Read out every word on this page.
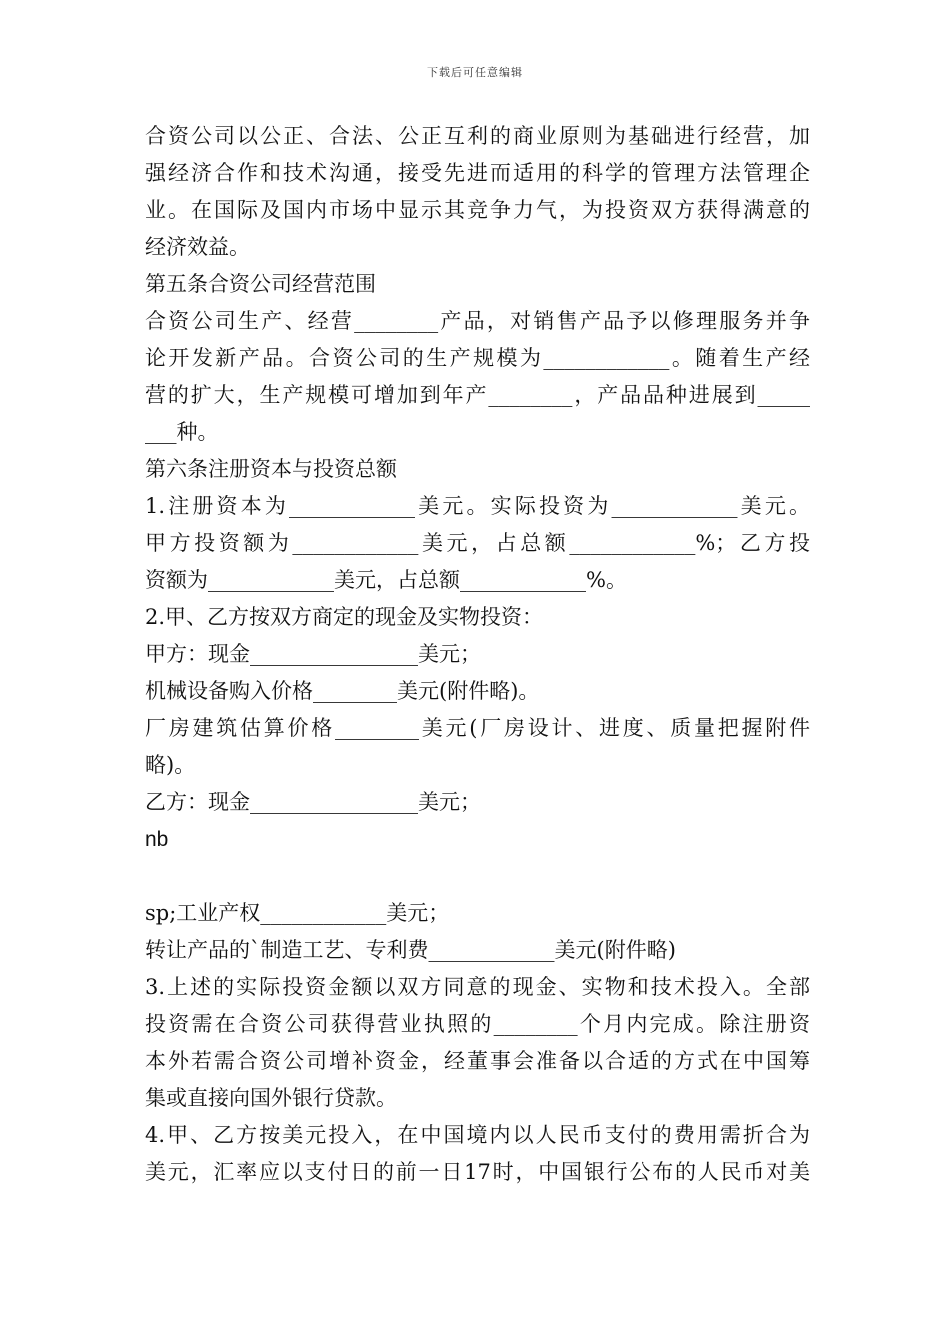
下载后可任意编辑
合资公司以公正、合法、公正互利的商业原则为基础进行经营，加
强经济合作和技术沟通，接受先进而适用的科学的管理方法管理企
业。在国际及国内市场中显示其竞争力气，为投资双方获得满意的
经济效益。
第五条合资公司经营范围
合资公司生产、经营________产品，对销售产品予以修理服务并争
论开发新产品。合资公司的生产规模为____________。随着生产经
营的扩大，生产规模可增加到年产________，产品品种进展到_____
___种。
第六条注册资本与投资总额
1.注册资本为____________美元。实际投资为____________美元。
甲方投资额为____________美元，占总额____________%；乙方投
资额为____________美元，占总额____________%。
2.甲、乙方按双方商定的现金及实物投资：
甲方：现金________________美元；
机械设备购入价格________美元(附件略)。
厂房建筑估算价格________美元(厂房设计、进度、质量把握附件
略)。
乙方：现金________________美元；
nb
sp;工业产权____________美元；
转让产品的`制造工艺、专利费____________美元(附件略)
3.上述的实际投资金额以双方同意的现金、实物和技术投入。全部
投资需在合资公司获得营业执照的________个月内完成。除注册资
本外若需合资公司增补资金，经董事会准备以合适的方式在中国筹
集或直接向国外银行贷款。
4.甲、乙方按美元投入，在中国境内以人民币支付的费用需折合为
美元，汇率应以支付日的前一日17时，中国银行公布的人民币对美
